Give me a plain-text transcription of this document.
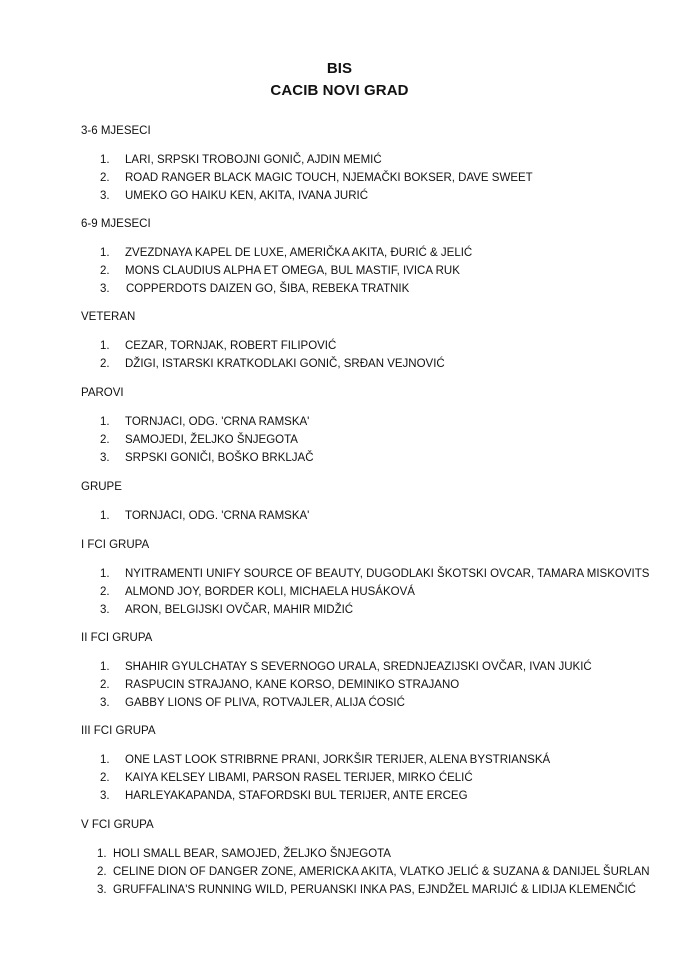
BIS
CACIB NOVI GRAD
3-6 MJESECI
1. LARI, SRPSKI TROBOJNI GONIČ, AJDIN MEMIĆ
2. ROAD RANGER BLACK MAGIC TOUCH, NJEMAČKI BOKSER, DAVE SWEET
3. UMEKO GO HAIKU KEN, AKITA, IVANA JURIĆ
6-9 MJESECI
1. ZVEZDNAYA KAPEL DE LUXE, AMERIČKA AKITA, ĐURIĆ & JELIĆ
2. MONS CLAUDIUS ALPHA ET OMEGA, BUL MASTIF, IVICA RUK
3. COPPERDOTS DAIZEN GO, ŠIBA, REBEKA TRATNIK
VETERAN
1. CEZAR, TORNJAK, ROBERT FILIPOVIĆ
2. DŽIGI, ISTARSKI KRATKODLAKI GONIČ, SRĐAN VEJNOVIĆ
PAROVI
1. TORNJACI, ODG. 'CRNA RAMSKA'
2. SAMOJEDI, ŽELJKO ŠNJEGOTA
3. SRPSKI GONIČI, BOŠKO BRKLJAČ
GRUPE
1. TORNJACI, ODG. 'CRNA RAMSKA'
I FCI GRUPA
1. NYITRAMENTI UNIFY SOURCE OF BEAUTY, DUGODLAKI ŠKOTSKI OVCAR, TAMARA MISKOVITS
2. ALMOND JOY, BORDER KOLI, MICHAELA HUSÁKOVÁ
3. ARON, BELGIJSKI OVČAR, MAHIR MIDŽIĆ
II FCI GRUPA
1. SHAHIR GYULCHATAY S SEVERNOGO URALA, SREDNJEAZIJSKI OVČAR, IVAN JUKIĆ
2. RASPUCIN STRAJANO, KANE KORSO, DEMINIKO STRAJANO
3. GABBY LIONS OF PLIVA, ROTVAJLER, ALIJA ĆOSIĆ
III FCI GRUPA
1. ONE LAST LOOK STRIBRNE PRANI, JORKŠIR TERIJER, ALENA BYSTRIANSKÁ
2. KAIYA KELSEY LIBAMI, PARSON RASEL TERIJER, MIRKO ĆELIĆ
3. HARLEYAKAPANDA, STAFORDSKI BUL TERIJER, ANTE ERCEG
V FCI GRUPA
1. HOLI SMALL BEAR, SAMOJED, ŽELJKO ŠNJEGOTA
2. CELINE DION OF DANGER ZONE, AMERICKA AKITA, VLATKO JELIĆ & SUZANA & DANIJEL ŠURLAN
3. GRUFFALINA'S RUNNING WILD, PERUANSKI INKA PAS, EJNDŽEL MARIJIĆ & LIDIJA KLEMENČIĆ
